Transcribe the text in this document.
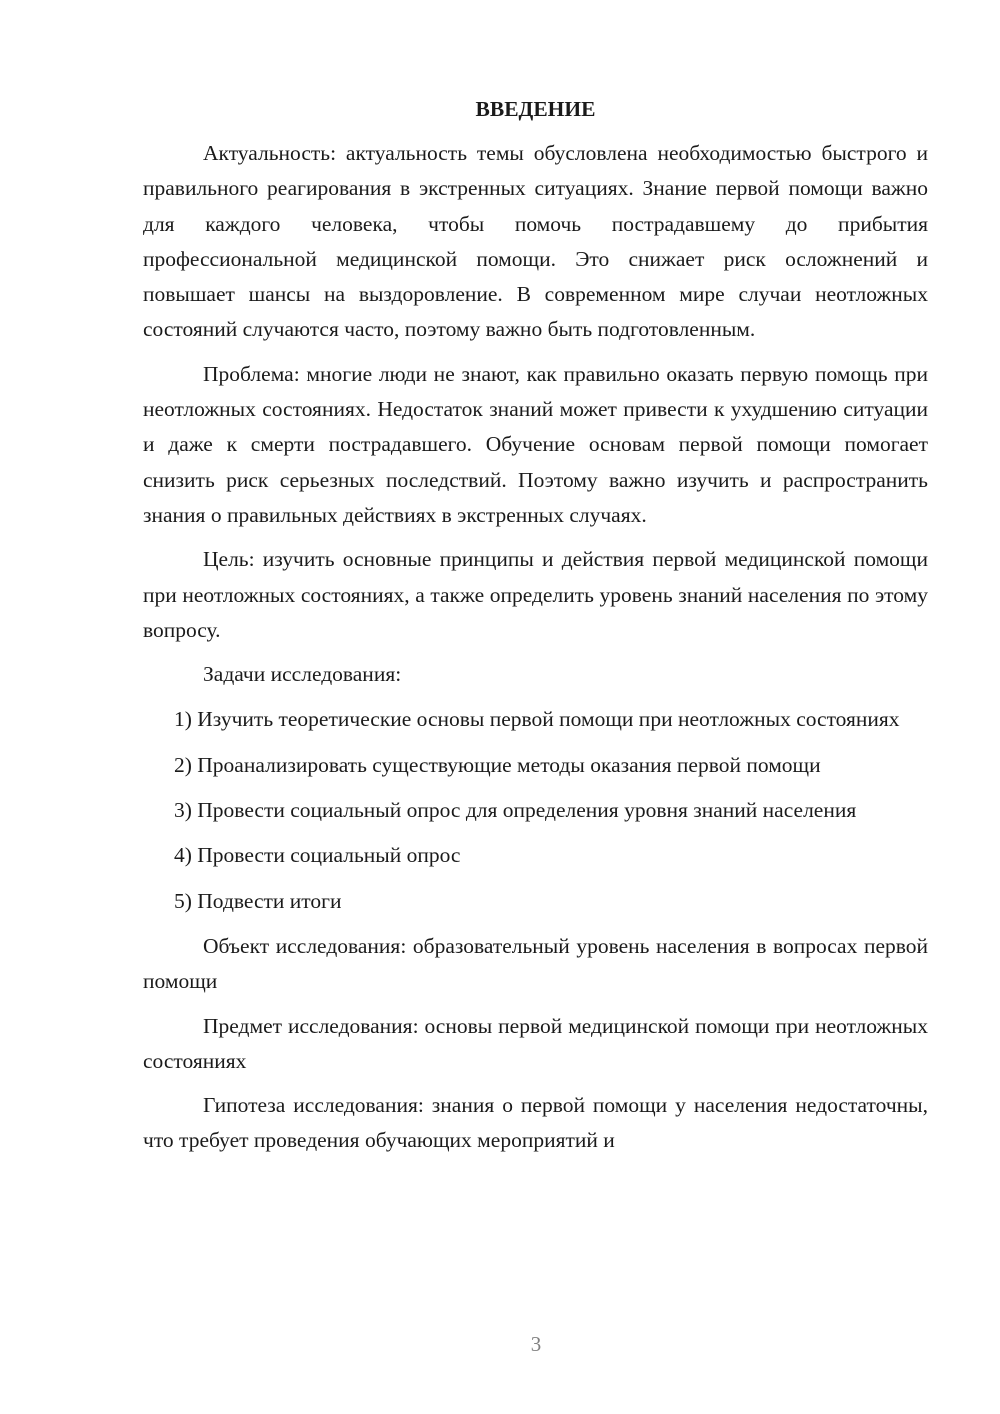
ВВЕДЕНИЕ

Актуальность: актуальность темы обусловлена необходимостью быстрого и правильного реагирования в экстренных ситуациях. Знание первой помощи важно для каждого человека, чтобы помочь пострадавшему до прибытия профессиональной медицинской помощи. Это снижает риск осложнений и повышает шансы на выздоровление. В современном мире случаи неотложных состояний случаются часто, поэтому важно быть подготовленным.

Проблема: многие люди не знают, как правильно оказать первую помощь при неотложных состояниях. Недостаток знаний может привести к ухудшению ситуации и даже к смерти пострадавшего. Обучение основам первой помощи помогает снизить риск серьезных последствий. Поэтому важно изучить и распространить знания о правильных действиях в экстренных случаях.

Цель: изучить основные принципы и действия первой медицинской помощи при неотложных состояниях, а также определить уровень знаний населения по этому вопросу.

Задачи исследования:

1) Изучить теоретические основы первой помощи при неотложных состояниях

2) Проанализировать существующие методы оказания первой помощи

3) Провести социальный опрос для определения уровня знаний населения

4) Провести социальный опрос

5) Подвести итоги

Объект исследования: образовательный уровень населения в вопросах первой помощи

Предмет исследования: основы первой медицинской помощи при неотложных состояниях

Гипотеза исследования: знания о первой помощи у населения недостаточны, что требует проведения обучающих мероприятий и

3
